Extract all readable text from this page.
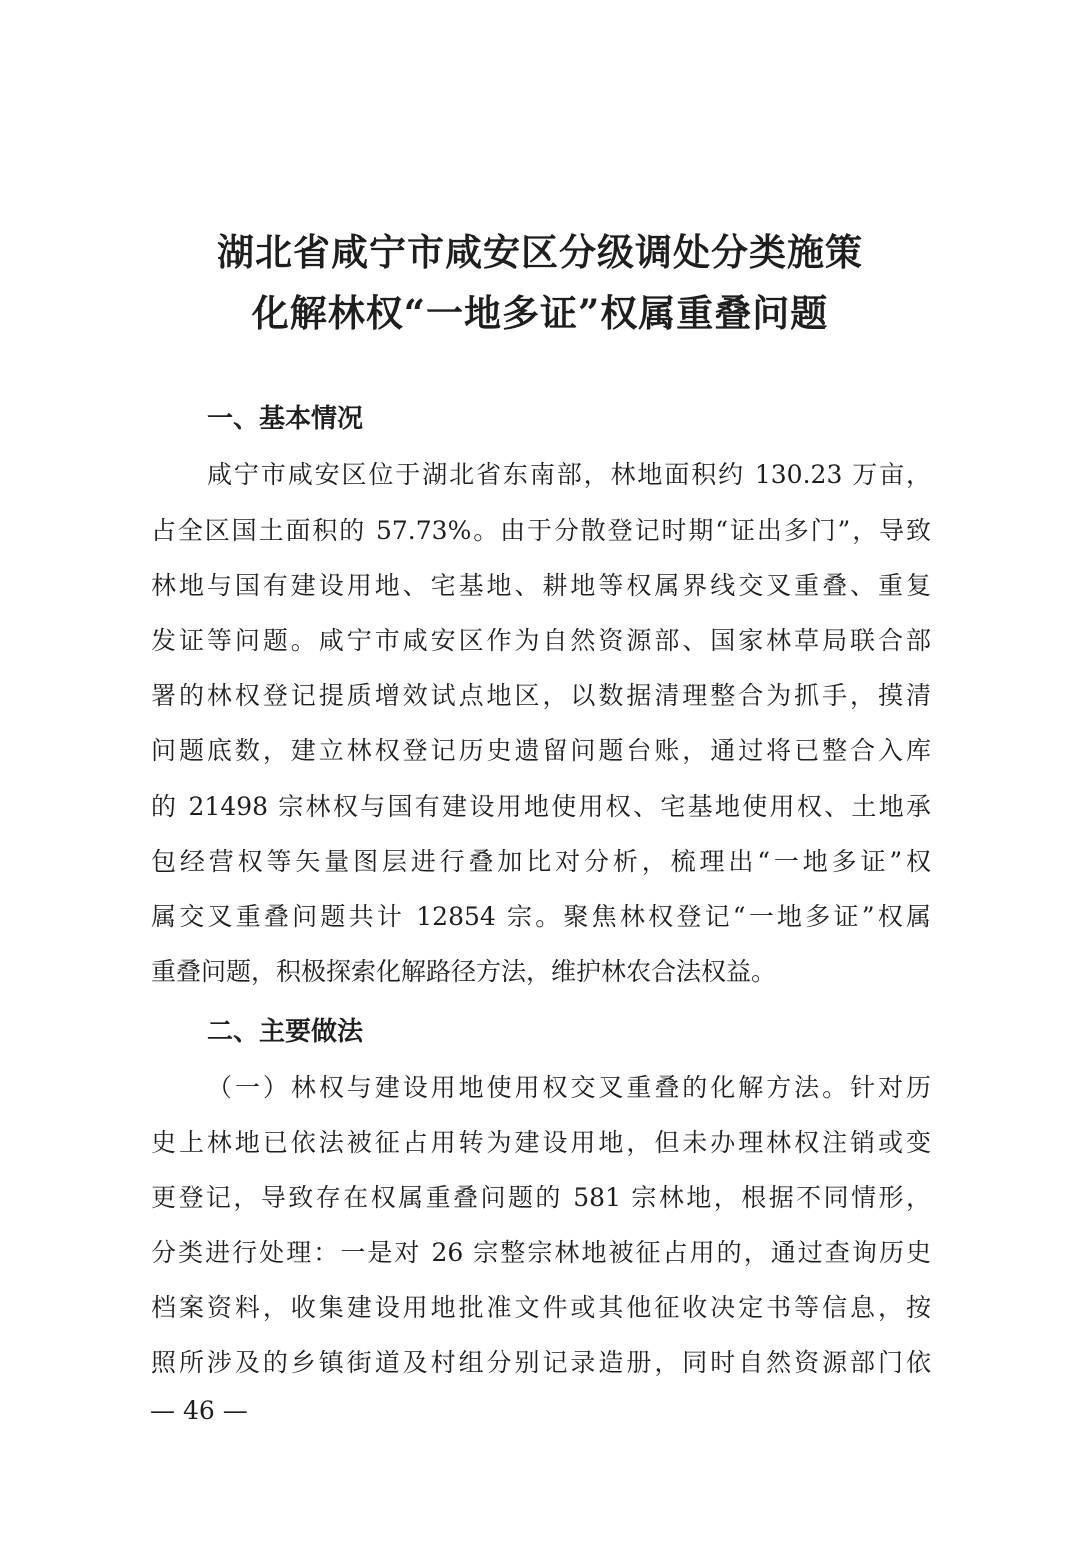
湖北省咸宁市咸安区分级调处分类施策
化解林权“一地多证”权属重叠问题
一、基本情况
咸宁市咸安区位于湖北省东南部，林地面积约 130.23 万亩，
占全区国土面积的 57.73%。由于分散登记时期“证出多门”，导致
林地与国有建设用地、宅基地、耕地等权属界线交叉重叠、重复
发证等问题。咸宁市咸安区作为自然资源部、国家林草局联合部
署的林权登记提质增效试点地区，以数据清理整合为抓手，摸清
问题底数，建立林权登记历史遗留问题台账，通过将已整合入库
的 21498 宗林权与国有建设用地使用权、宅基地使用权、土地承
包经营权等矢量图层进行叠加比对分析，梳理出“一地多证”权
属交叉重叠问题共计 12854 宗。聚焦林权登记“一地多证”权属
重叠问题，积极探索化解路径方法，维护林农合法权益。
二、主要做法
（一）林权与建设用地使用权交叉重叠的化解方法。针对历
史上林地已依法被征占用转为建设用地，但未办理林权注销或变
更登记，导致存在权属重叠问题的 581 宗林地，根据不同情形，
分类进行处理：一是对 26 宗整宗林地被征占用的，通过查询历史
档案资料，收集建设用地批准文件或其他征收决定书等信息，按
照所涉及的乡镇街道及村组分别记录造册，同时自然资源部门依
— 46 —
